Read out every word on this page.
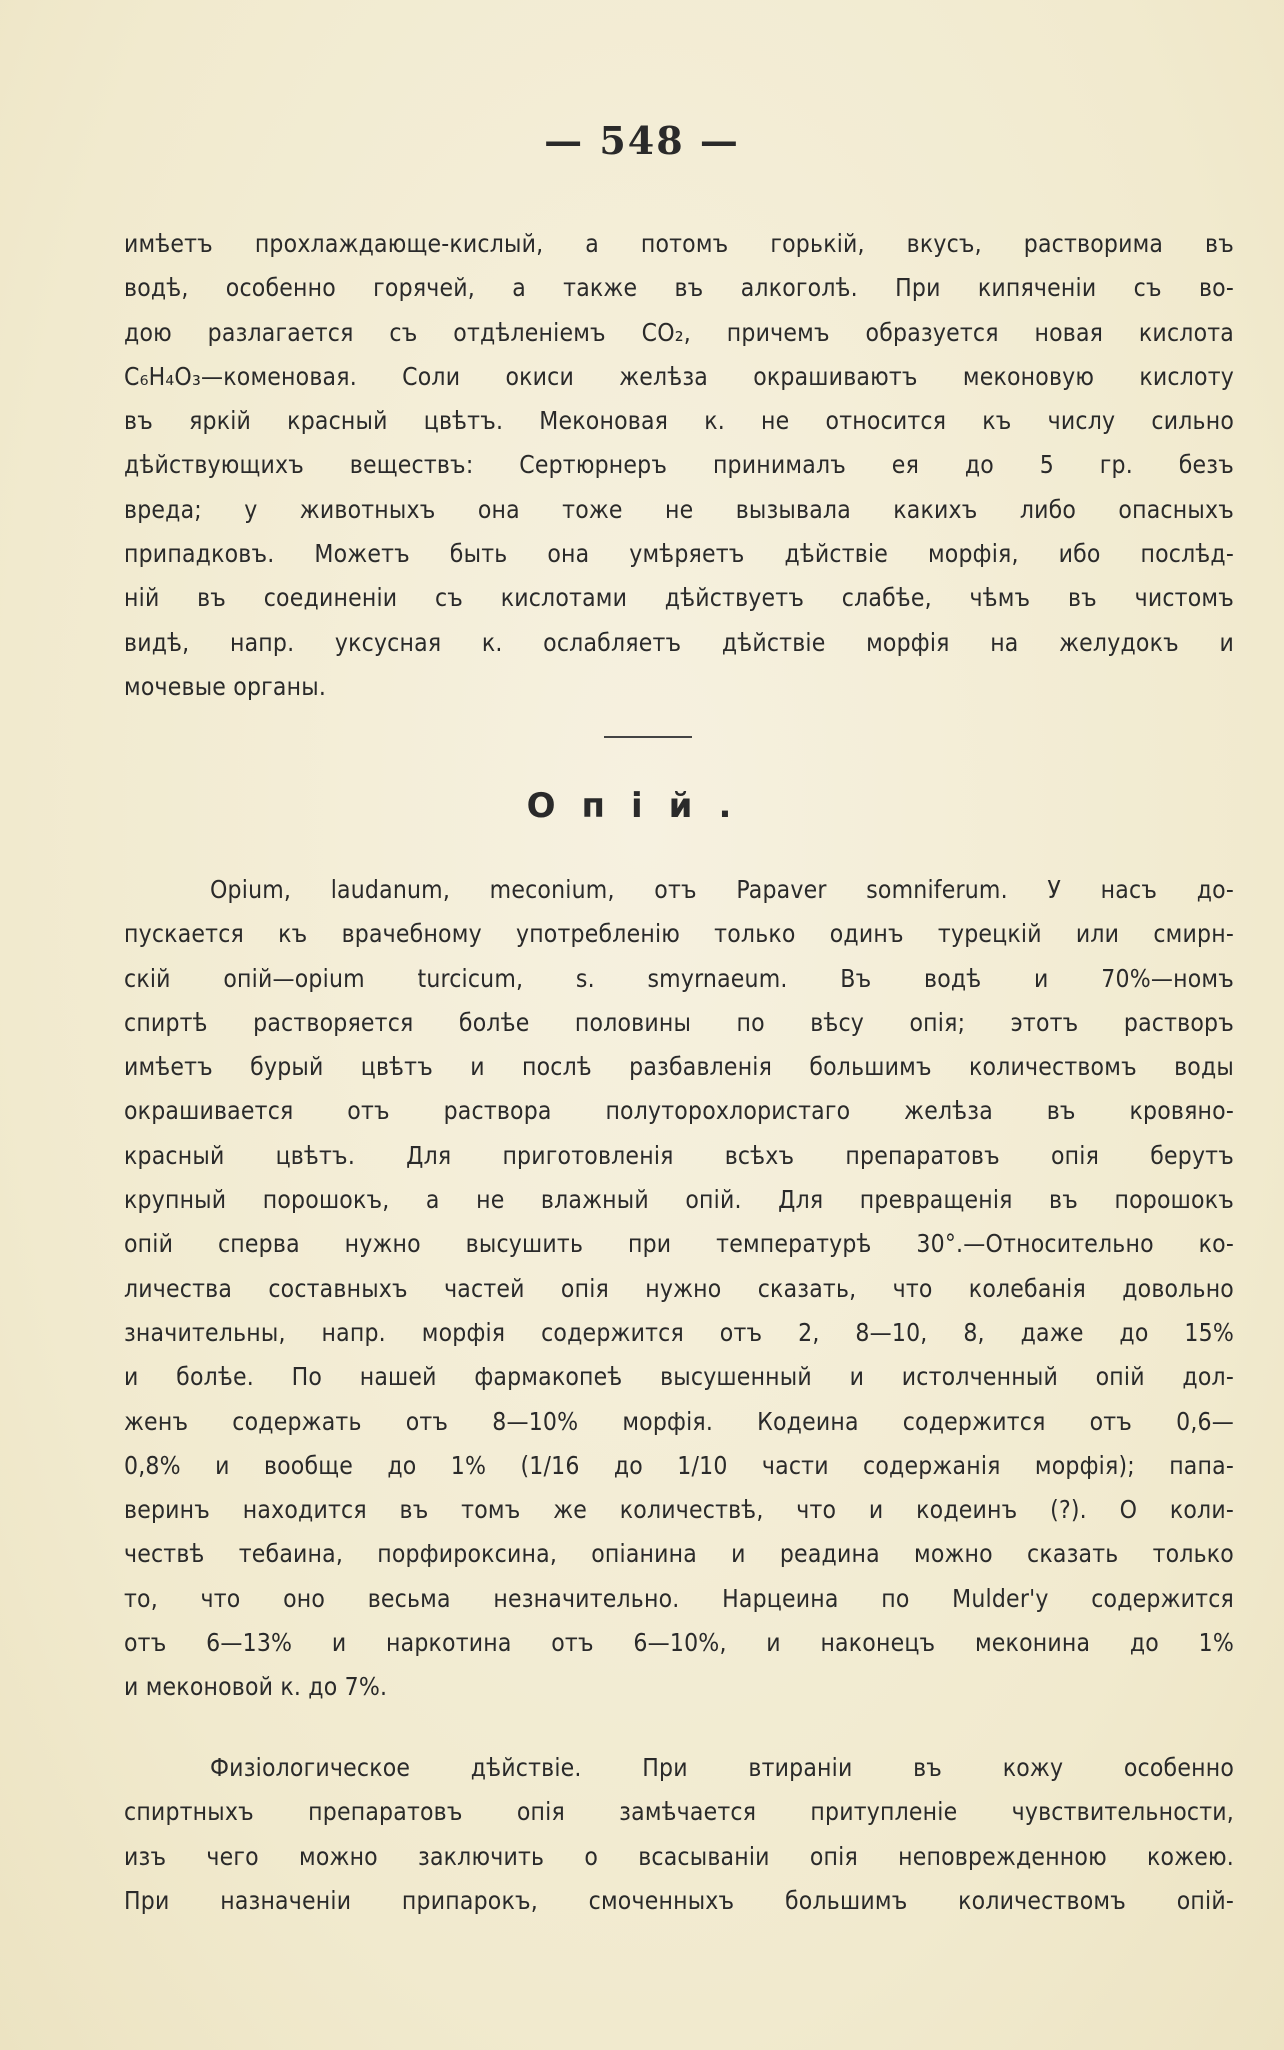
— 548 —
имѣетъ прохлаждающе-кислый, а потомъ горькій, вкусъ, растворима въ
водѣ, особенно горячей, а также въ алкоголѣ. При кипяченіи съ во-
дою разлагается съ отдѣленіемъ CO₂, причемъ образуется новая кислота
C₆H₄O₃—коменовая. Соли окиси желѣза окрашиваютъ меконовую кислоту
въ яркій красный цвѣтъ. Меконовая к. не относится къ числу сильно
дѣйствующихъ веществъ: Сертюрнеръ принималъ ея до 5 гр. безъ
вреда; у животныхъ она тоже не вызывала какихъ либо опасныхъ
припадковъ. Можетъ быть она умѣряетъ дѣйствіе морфія, ибо послѣд-
ній въ соединеніи съ кислотами дѣйствуетъ слабѣе, чѣмъ въ чистомъ
видѣ, напр. уксусная к. ослабляетъ дѣйствіе морфія на желудокъ и
мочевые органы.
Опій.
Opium, laudanum, meconium, отъ Papaver somniferum. У насъ до-
пускается къ врачебному употребленію только одинъ турецкій или смирн-
скій опій—opium turcicum, s. smyrnaeum. Въ водѣ и 70%—номъ
спиртѣ растворяется болѣе половины по вѣсу опія; этотъ растворъ
имѣетъ бурый цвѣтъ и послѣ разбавленія большимъ количествомъ воды
окрашивается отъ раствора полуторохлористаго желѣза въ кровяно-
красный цвѣтъ. Для приготовленія всѣхъ препаратовъ опія берутъ
крупный порошокъ, а не влажный опій. Для превращенія въ порошокъ
опій сперва нужно высушить при температурѣ 30°.—Относительно ко-
личества составныхъ частей опія нужно сказать, что колебанія довольно
значительны, напр. морфія содержится отъ 2, 8—10, 8, даже до 15%
и болѣе. По нашей фармакопеѣ высушенный и истолченный опій дол-
женъ содержать отъ 8—10% морфія. Кодеина содержится отъ 0,6—
0,8% и вообще до 1% (1/16 до 1/10 части содержанія морфія); папа-
веринъ находится въ томъ же количествѣ, что и кодеинъ (?). О коли-
чествѣ тебаина, порфироксина, опіанина и реадина можно сказать только
то, что оно весьма незначительно. Нарцеина по Mulder'у содержится
отъ 6—13% и наркотина отъ 6—10%, и наконецъ меконина до 1%
и меконовой к. до 7%.
Физіологическое дѣйствіе. При втираніи въ кожу особенно
спиртныхъ препаратовъ опія замѣчается притупленіе чувствительности,
изъ чего можно заключить о всасываніи опія неповрежденною кожею.
При назначеніи припарокъ, смоченныхъ большимъ количествомъ опій-
